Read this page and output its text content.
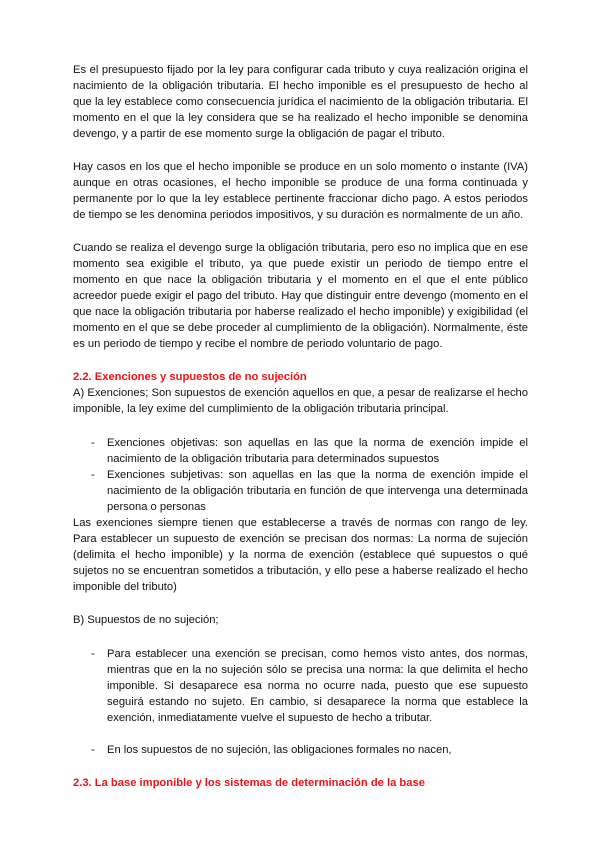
Es el presupuesto fijado por la ley para configurar cada tributo y cuya realización origina el nacimiento de la obligación tributaria. El hecho imponible es el presupuesto de hecho al que la ley establece como consecuencia jurídica el nacimiento de la obligación tributaria. El momento en el que la ley considera que se ha realizado el hecho imponible se denomina devengo, y a partir de ese momento surge la obligación de pagar el tributo.

Hay casos en los que el hecho imponible se produce en un solo momento o instante (IVA) aunque en otras ocasiones, el hecho imponible se produce de una forma continuada y permanente por lo que la ley establece pertinente fraccionar dicho pago. A estos periodos de tiempo se les denomina periodos impositivos, y su duración es normalmente de un año.

Cuando se realiza el devengo surge la obligación tributaria, pero eso no implica que en ese momento sea exigible el tributo, ya que puede existir un periodo de tiempo entre el momento en que nace la obligación tributaria y el momento en el que el ente público acreedor puede exigir el pago del tributo. Hay que distinguir entre devengo (momento en el que nace la obligación tributaria por haberse realizado el hecho imponible) y exigibilidad (el momento en el que se debe proceder al cumplimiento de la obligación). Normalmente, éste es un periodo de tiempo y recibe el nombre de periodo voluntario de pago.

2.2. Exenciones y supuestos de no sujeción

A) Exenciones; Son supuestos de exención aquellos en que, a pesar de realizarse el hecho imponible, la ley exime del cumplimiento de la obligación tributaria principal.

- Exenciones objetivas: son aquellas en las que la norma de exención impide el nacimiento de la obligación tributaria para determinados supuestos
- Exenciones subjetivas: son aquellas en las que la norma de exención impide el nacimiento de la obligación tributaria en función de que intervenga una determinada persona o personas

Las exenciones siempre tienen que establecerse a través de normas con rango de ley. Para establecer un supuesto de exención se precisan dos normas: La norma de sujeción (delimita el hecho imponible) y la norma de exención (establece qué supuestos o qué sujetos no se encuentran sometidos a tributación, y ello pese a haberse realizado el hecho imponible del tributo)

B) Supuestos de no sujeción;

- Para establecer una exención se precisan, como hemos visto antes, dos normas, mientras que en la no sujeción sólo se precisa una norma: la que delimita el hecho imponible. Si desaparece esa norma no ocurre nada, puesto que ese supuesto seguirá estando no sujeto. En cambio, si desaparece la norma que establece la exención, inmediatamente vuelve el supuesto de hecho a tributar.
- En los supuestos de no sujeción, las obligaciones formales no nacen,
2.3. La base imponible y los sistemas de determinación de la base
